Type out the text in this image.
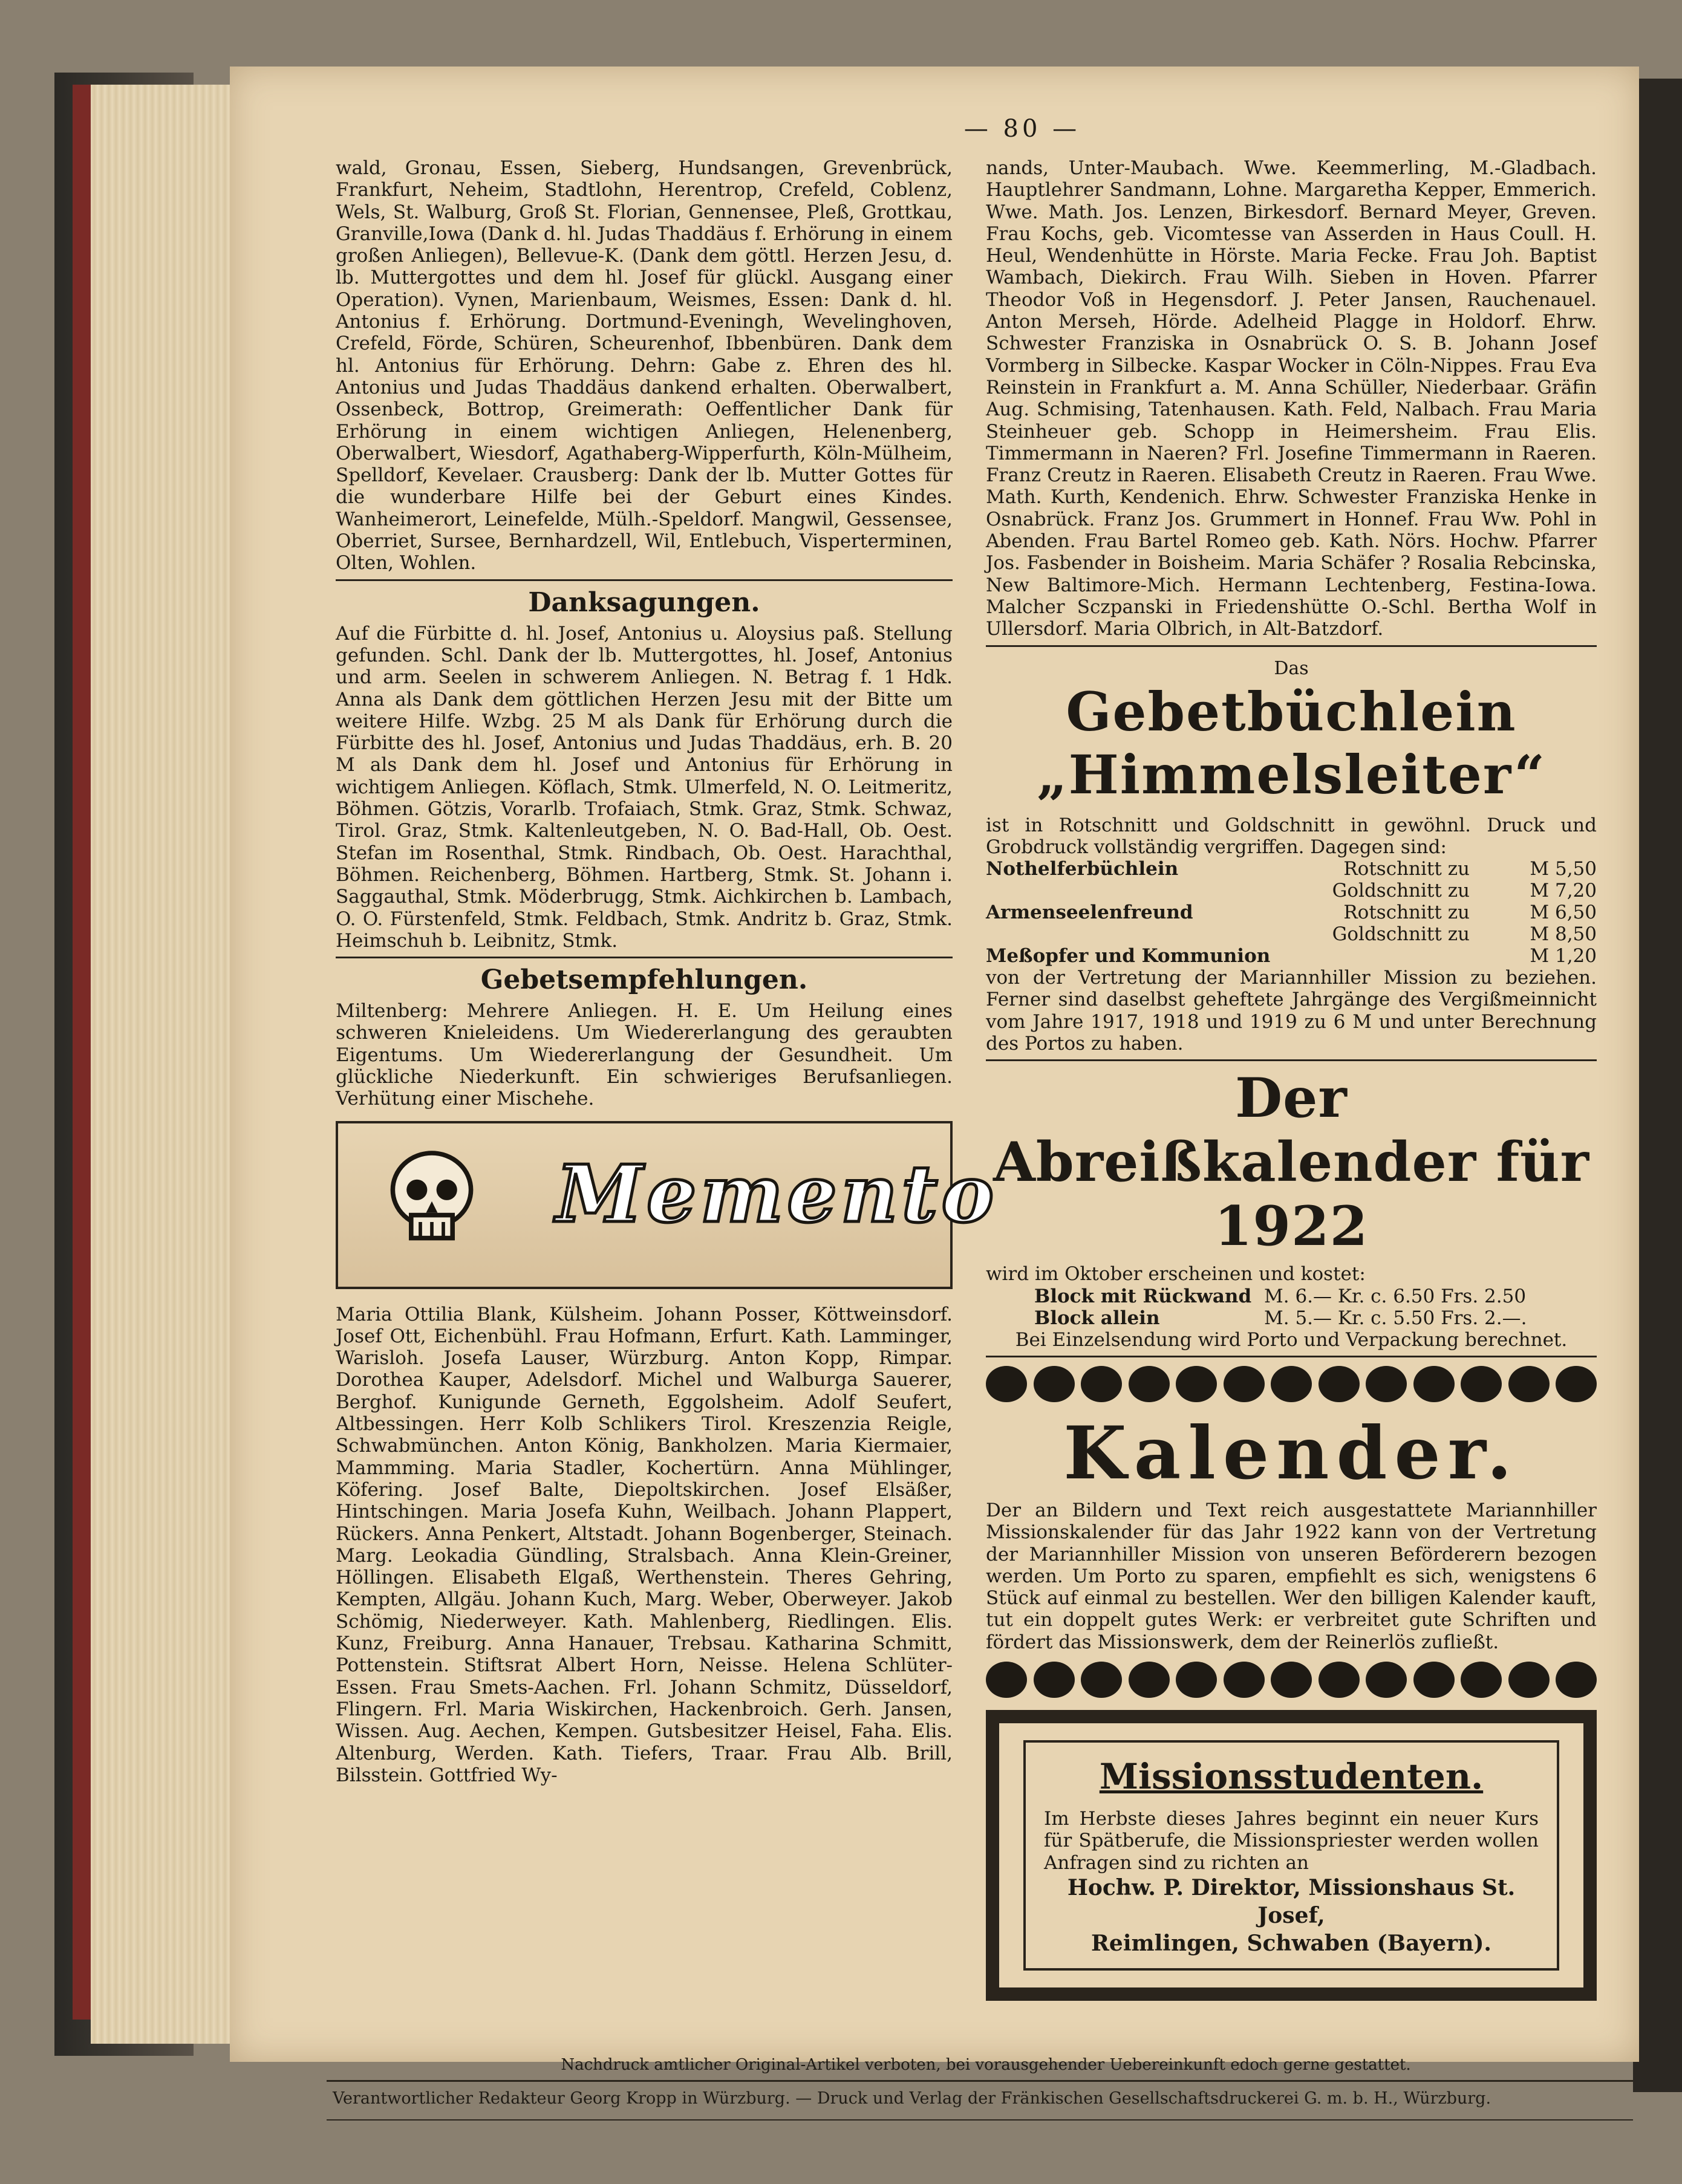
— 80 —

wald, Gronau, Essen, Sieberg, Hundsangen, Grevenbrück, Frankfurt, Neheim, Stadtlohn, Herentrop, Crefeld, Coblenz, Wels, St. Walburg, Groß St. Florian, Gennensee, Pleß, Grottkau, Granville,Iowa (Dank d. hl. Judas Thaddäus f. Erhörung in einem großen Anliegen), Bellevue-K. (Dank dem göttl. Herzen Jesu, d. lb. Muttergottes und dem hl. Josef für glückl. Ausgang einer Operation). Vynen, Marienbaum, Weismes, Essen: Dank d. hl. Antonius f. Erhörung. Dortmund-Eveningh, Wevelinghoven, Crefeld, Förde, Schüren, Scheurenhof, Ibbenbüren. Dank dem hl. Antonius für Erhörung. Dehrn: Gabe z. Ehren des hl. Antonius und Judas Thaddäus dankend erhalten. Oberwalbert, Ossenbeck, Bottrop, Greimerath: Oeffentlicher Dank für Erhörung in einem wichtigen Anliegen, Helenenberg, Oberwalbert, Wiesdorf, Agathaberg-Wipperfurth, Köln-Mülheim, Spelldorf, Kevelaer. Crausberg: Dank der lb. Mutter Gottes für die wunderbare Hilfe bei der Geburt eines Kindes. Wanheimerort, Leinefelde, Mülh.-Speldorf. Mangwil, Gessensee, Oberriet, Sursee, Bernhardzell, Wil, Entlebuch, Visperterminen, Olten, Wohlen.

Danksagungen.

Auf die Fürbitte d. hl. Josef, Antonius u. Aloysius paß. Stellung gefunden. Schl. Dank der lb. Muttergottes, hl. Josef, Antonius und arm. Seelen in schwerem Anliegen. N. Betrag f. 1 Hdk. Anna als Dank dem göttlichen Herzen Jesu mit der Bitte um weitere Hilfe. Wzbg. 25 M als Dank für Erhörung durch die Fürbitte des hl. Josef, Antonius und Judas Thaddäus, erh. B. 20 M als Dank dem hl. Josef und Antonius für Erhörung in wichtigem Anliegen. Köflach, Stmk. Ulmerfeld, N. O. Leitmeritz, Böhmen. Götzis, Vorarlb. Trofaiach, Stmk. Graz, Stmk. Schwaz, Tirol. Graz, Stmk. Kaltenleutgeben, N. O. Bad-Hall, Ob. Oest. Stefan im Rosenthal, Stmk. Rindbach, Ob. Oest. Harachthal, Böhmen. Reichenberg, Böhmen. Hartberg, Stmk. St. Johann i. Saggauthal, Stmk. Möderbrugg, Stmk. Aichkirchen b. Lambach, O. O. Fürstenfeld, Stmk. Feldbach, Stmk. Andritz b. Graz, Stmk. Heimschuh b. Leibnitz, Stmk.

Gebetsempfehlungen.

Miltenberg: Mehrere Anliegen. H. E. Um Heilung eines schweren Knieleidens. Um Wiedererlangung des geraubten Eigentums. Um Wiedererlangung der Gesundheit. Um glückliche Niederkunft. Ein schwieriges Berufsanliegen. Verhütung einer Mischehe.

Memento

Maria Ottilia Blank, Külsheim. Johann Posser, Köttweinsdorf. Josef Ott, Eichenbühl. Frau Hofmann, Erfurt. Kath. Lamminger, Warisloh. Josefa Lauser, Würzburg. Anton Kopp, Rimpar. Dorothea Kauper, Adelsdorf. Michel und Walburga Sauerer, Berghof. Kunigunde Gerneth, Eggolsheim. Adolf Seufert, Altbessingen. Herr Kolb Schlikers Tirol. Kreszenzia Reigle, Schwabmünchen. Anton König, Bankholzen. Maria Kiermaier, Mammming. Maria Stadler, Kochertürn. Anna Mühlinger, Köfering. Josef Balte, Diepoltskirchen. Josef Elsäßer, Hintschingen. Maria Josefa Kuhn, Weilbach. Johann Plappert, Rückers. Anna Penkert, Altstadt. Johann Bogenberger, Steinach. Marg. Leokadia Gündling, Stralsbach. Anna Klein-Greiner, Höllingen. Elisabeth Elgaß, Werthenstein. Theres Gehring, Kempten, Allgäu. Johann Kuch, Marg. Weber, Oberweyer. Jakob Schömig, Niederweyer. Kath. Mahlenberg, Riedlingen. Elis. Kunz, Freiburg. Anna Hanauer, Trebsau. Katharina Schmitt, Pottenstein. Stiftsrat Albert Horn, Neisse. Helena Schlüter-Essen. Frau Smets-Aachen. Frl. Johann Schmitz, Düsseldorf, Flingern. Frl. Maria Wiskirchen, Hackenbroich. Gerh. Jansen, Wissen. Aug. Aechen, Kempen. Gutsbesitzer Heisel, Faha. Elis. Altenburg, Werden. Kath. Tiefers, Traar. Frau Alb. Brill, Bilsstein. Gottfried Wy-

nands, Unter-Maubach. Wwe. Keemmerling, M.-Gladbach. Hauptlehrer Sandmann, Lohne. Margaretha Kepper, Emmerich. Wwe. Math. Jos. Lenzen, Birkesdorf. Bernard Meyer, Greven. Frau Kochs, geb. Vicomtesse van Asserden in Haus Coull. H. Heul, Wendenhütte in Hörste. Maria Fecke. Frau Joh. Baptist Wambach, Diekirch. Frau Wilh. Sieben in Hoven. Pfarrer Theodor Voß in Hegensdorf. J. Peter Jansen, Rauchenauel. Anton Merseh, Hörde. Adelheid Plagge in Holdorf. Ehrw. Schwester Franziska in Osnabrück O. S. B. Johann Josef Vormberg in Silbecke. Kaspar Wocker in Cöln-Nippes. Frau Eva Reinstein in Frankfurt a. M. Anna Schüller, Niederbaar. Gräfin Aug. Schmising, Tatenhausen. Kath. Feld, Nalbach. Frau Maria Steinheuer geb. Schopp in Heimersheim. Frau Elis. Timmermann in Naeren? Frl. Josefine Timmermann in Raeren. Franz Creutz in Raeren. Elisabeth Creutz in Raeren. Frau Wwe. Math. Kurth, Kendenich. Ehrw. Schwester Franziska Henke in Osnabrück. Franz Jos. Grummert in Honnef. Frau Ww. Pohl in Abenden. Frau Bartel Romeo geb. Kath. Nörs. Hochw. Pfarrer Jos. Fasbender in Boisheim. Maria Schäfer ? Rosalia Rebcinska, New Baltimore-Mich. Hermann Lechtenberg, Festina-Iowa. Malcher Sczpanski in Friedenshütte O.-Schl. Bertha Wolf in Ullersdorf. Maria Olbrich, in Alt-Batzdorf.

Das
Gebetbüchlein „Himmelsleiter“

ist in Rotschnitt und Goldschnitt in gewöhnl. Druck und Grobdruck vollständig vergriffen. Dagegen sind:

Nothelferbüchlein	Rotschnitt zu	M 5,50
Goldschnitt zu	M 7,20
Armenseelenfreund	Rotschnitt zu	M 6,50
Goldschnitt zu	M 8,50
Meßopfer und Kommunion	M 1,20

von der Vertretung der Mariannhiller Mission zu beziehen. Ferner sind daselbst geheftete Jahrgänge des Vergißmeinnicht vom Jahre 1917, 1918 und 1919 zu 6 M und unter Berechnung des Portos zu haben.

Der Abreißkalender für 1922

wird im Oktober erscheinen und kostet:

Block mit Rückwand M. 6.— Kr. c. 6.50 Frs. 2.50
Block allein	M. 5.— Kr. c. 5.50 Frs. 2.—.

Bei Einzelsendung wird Porto und Verpackung berechnet.

Kalender.

Der an Bildern und Text reich ausgestattete Mariannhiller Missionskalender für das Jahr 1922 kann von der Vertretung der Mariannhiller Mission von unseren Beförderern bezogen werden. Um Porto zu sparen, empfiehlt es sich, wenigstens 6 Stück auf einmal zu bestellen. Wer den billigen Kalender kauft, tut ein doppelt gutes Werk: er verbreitet gute Schriften und fördert das Missionswerk, dem der Reinerlös zufließt.

Missionsstudenten.

Im Herbste dieses Jahres beginnt ein neuer Kurs für Spätberufe, die Missionspriester werden wollen Anfragen sind zu richten an

Hochw. P. Direktor, Missionshaus St. Josef,
Reimlingen, Schwaben (Bayern).
Nachdruck amtlicher Original-Artikel verboten, bei vorausgehender Uebereinkunft edoch gerne gestattet.
Verantwortlicher Redakteur Georg Kropp in Würzburg. — Druck und Verlag der Fränkischen Gesellschaftsdruckerei G. m. b. H., Würzburg.
